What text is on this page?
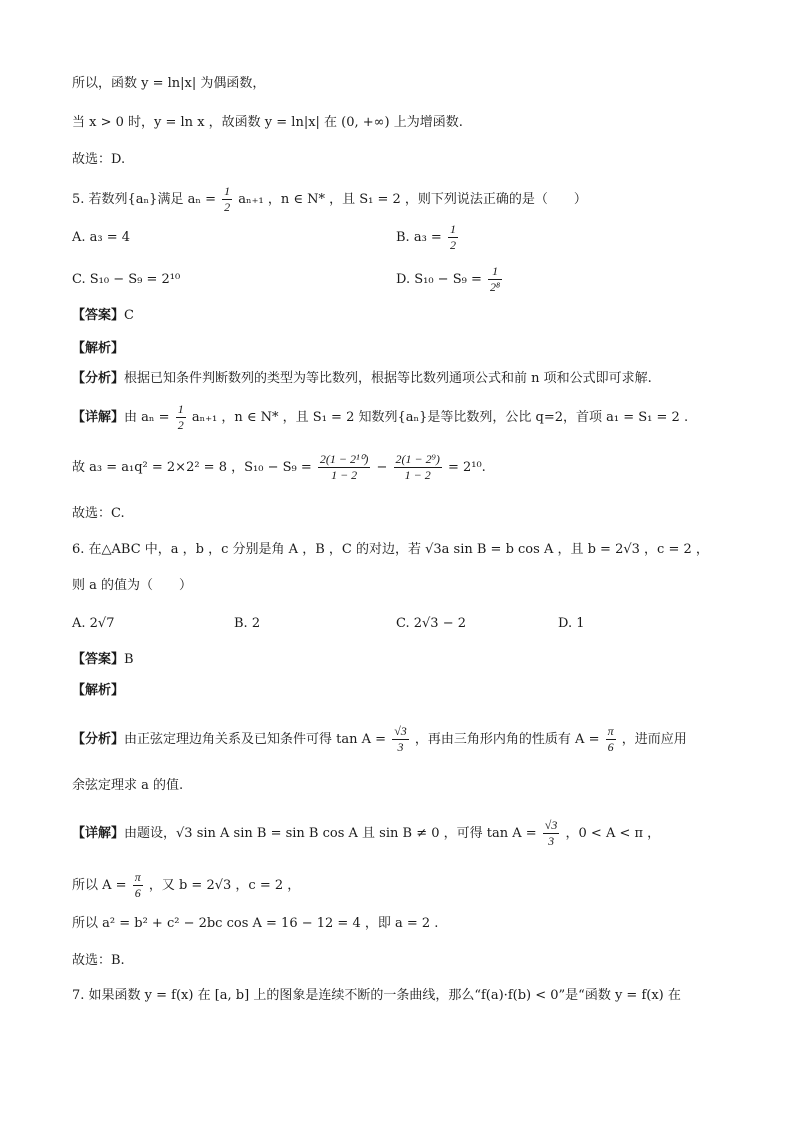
所以，函数 y = ln|x| 为偶函数，
当 x > 0 时，y = ln x ，故函数 y = ln|x| 在 (0, +∞) 上为增函数.
故选：D.
5. 若数列{aₙ}满足 $a_n = \frac{1}{2} a_{n+1}$ ，n ∈ N* ，且 S₁ = 2 ，则下列说法正确的是（　　）
A. a₃ = 4	B. $a_3 = \frac{1}{2}$
C. S₁₀ − S₉ = 2¹⁰	D. $S_{10} - S_9 = \frac{1}{\text{2⁸}}$
【答案】C
【解析】
【分析】根据已知条件判断数列的类型为等比数列，根据等比数列通项公式和前 n 项和公式即可求解.
【详解】由 $a_n = \frac{1}{2} a_{n+1}$ ，n ∈ N* ，且 S₁ = 2 知数列{aₙ}是等比数列，公比 q=2，首项 a₁ = S₁ = 2 .
故 a₃ = a₁q² = 2×2² = 8 ，$S_{10} - S_9 = \frac{\text{2(1 − 2¹⁰)}}{1 - 2} - \frac{\text{2(1 − 2⁹)}}{1 - 2} = 2^{10}$.
故选：C.
6. 在△ABC 中，a ，b ，c 分别是角 A ，B ，C 的对边，若 √3a sin B = b cos A ，且 b = 2√3 ，c = 2 ，
则 a 的值为（　　）
A. 2√7	B. 2	C. 2√3 − 2	D. 1
【答案】B
【解析】
【分析】由正弦定理边角关系及已知条件可得 $\tan A = \frac{√3}{3}$ ，再由三角形内角的性质有 $A = \frac{\pi}{6}$ ，进而应用
余弦定理求 a 的值.
【详解】由题设，√3 sin A sin B = sin B cos A 且 sin B ≠ 0 ，可得 $\tan A = \frac{√3}{3}$ ，0 < A < π ，
所以 $A = \frac{\pi}{6}$ ，又 b = 2√3 ，c = 2 ，
所以 a² = b² + c² − 2bc cos A = 16 − 12 = 4 ，即 a = 2 .
故选：B.
7. 如果函数 y = f(x) 在 [a, b] 上的图象是连续不断的一条曲线，那么“f(a)·f(b) < 0”是“函数 y = f(x) 在
